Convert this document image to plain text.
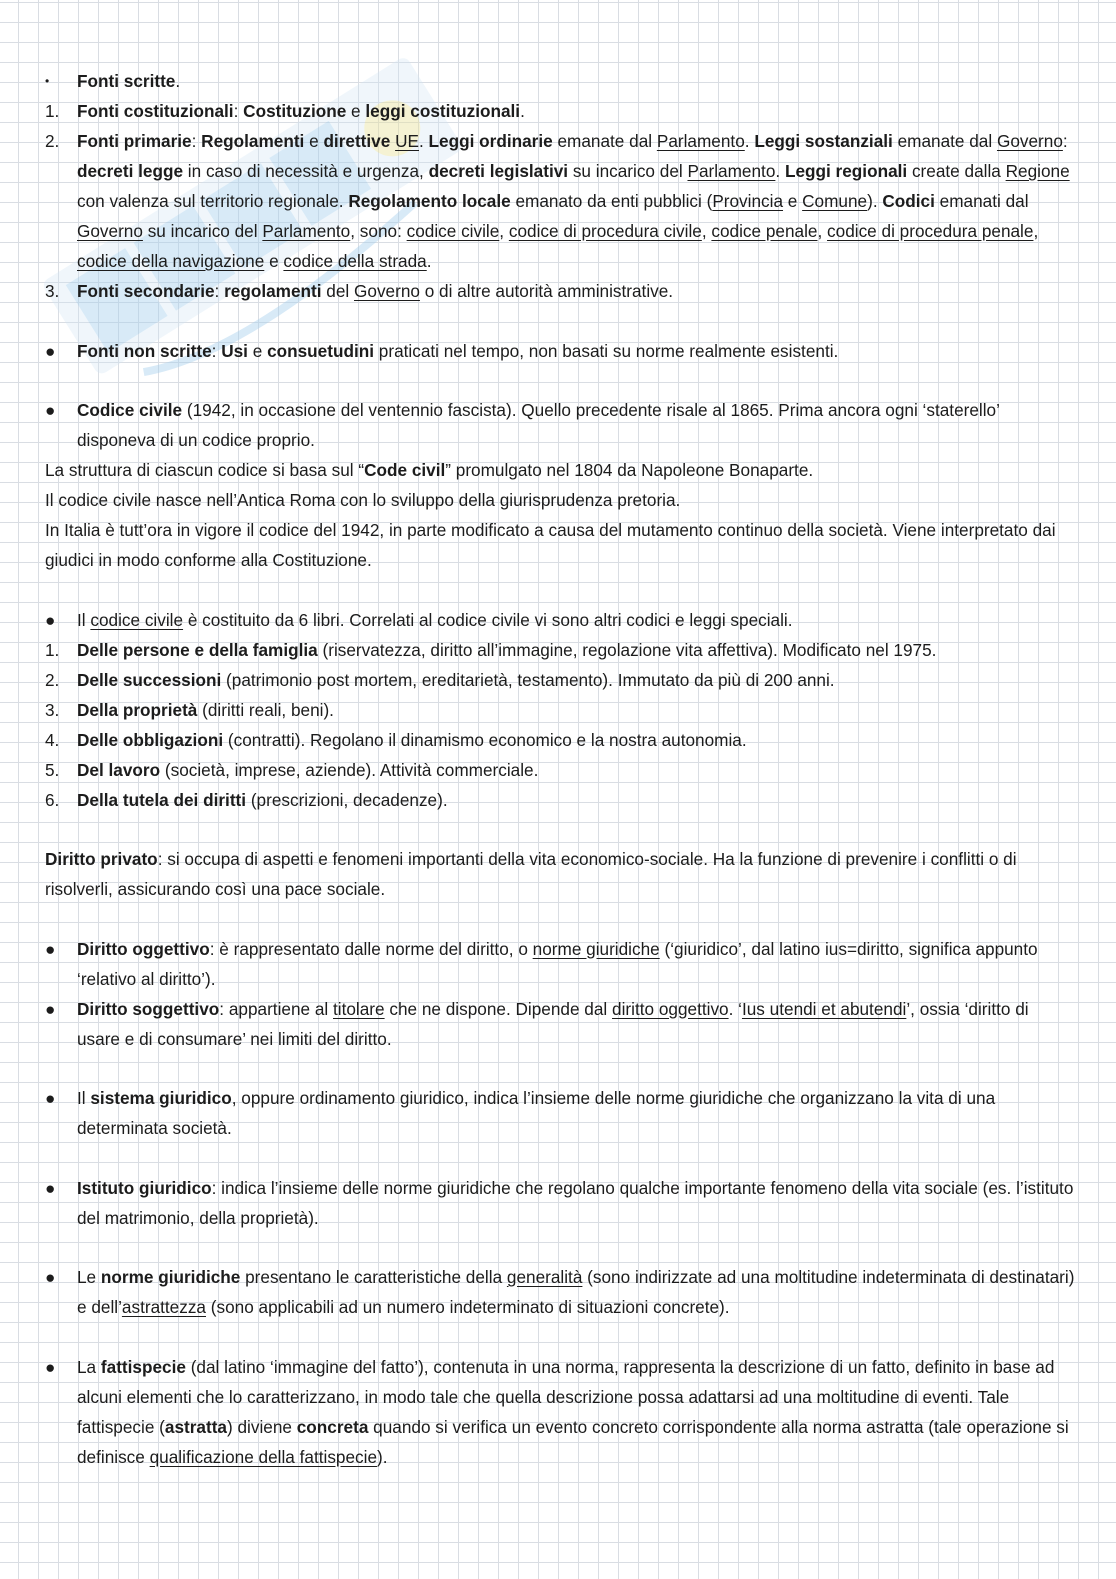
•	Fonti scritte.
1.	Fonti costituzionali: Costituzione e leggi costituzionali.
2.	Fonti primarie: Regolamenti e direttive UE. Leggi ordinarie emanate dal Parlamento. Leggi sostanziali emanate dal Governo: decreti legge in caso di necessità e urgenza, decreti legislativi su incarico del Parlamento. Leggi regionali create dalla Regione con valenza sul territorio regionale. Regolamento locale emanato da enti pubblici (Provincia e Comune). Codici emanati dal Governo su incarico del Parlamento, sono: codice civile, codice di procedura civile, codice penale, codice di procedura penale, codice della navigazione e codice della strada.
3.	Fonti secondarie: regolamenti del Governo o di altre autorità amministrative.
●	Fonti non scritte: Usi e consuetudini praticati nel tempo, non basati su norme realmente esistenti.
●	Codice civile (1942, in occasione del ventennio fascista). Quello precedente risale al 1865. Prima ancora ogni ‘staterello’ disponeva di un codice proprio.
La struttura di ciascun codice si basa sul “Code civil” promulgato nel 1804 da Napoleone Bonaparte.
Il codice civile nasce nell’Antica Roma con lo sviluppo della giurisprudenza pretoria.
In Italia è tutt’ora in vigore il codice del 1942, in parte modificato a causa del mutamento continuo della società. Viene interpretato dai giudici in modo conforme alla Costituzione.
●	Il codice civile è costituito da 6 libri. Correlati al codice civile vi sono altri codici e leggi speciali.
1.	Delle persone e della famiglia (riservatezza, diritto all’immagine, regolazione vita affettiva). Modificato nel 1975.
2.	Delle successioni (patrimonio post mortem, ereditarietà, testamento). Immutato da più di 200 anni.
3.	Della proprietà (diritti reali, beni).
4.	Delle obbligazioni (contratti). Regolano il dinamismo economico e la nostra autonomia.
5.	Del lavoro (società, imprese, aziende). Attività commerciale.
6.	Della tutela dei diritti (prescrizioni, decadenze).
Diritto privato: si occupa di aspetti e fenomeni importanti della vita economico-sociale. Ha la funzione di prevenire i conflitti o di risolverli, assicurando così una pace sociale.
●	Diritto oggettivo: è rappresentato dalle norme del diritto, o norme giuridiche (‘giuridico’, dal latino ius=diritto, significa appunto ‘relativo al diritto’).
●	Diritto soggettivo: appartiene al titolare che ne dispone. Dipende dal diritto oggettivo. ‘Ius utendi et abutendi’, ossia ‘diritto di usare e di consumare’ nei limiti del diritto.
●	Il sistema giuridico, oppure ordinamento giuridico, indica l’insieme delle norme giuridiche che organizzano la vita di una determinata società.
●	Istituto giuridico: indica l’insieme delle norme giuridiche che regolano qualche importante fenomeno della vita sociale (es. l’istituto del matrimonio, della proprietà).
●	Le norme giuridiche presentano le caratteristiche della generalità (sono indirizzate ad una moltitudine indeterminata di destinatari) e dell’astrattezza (sono applicabili ad un numero indeterminato di situazioni concrete).
●	La fattispecie (dal latino ‘immagine del fatto’), contenuta in una norma, rappresenta la descrizione di un fatto, definito in base ad alcuni elementi che lo caratterizzano, in modo tale che quella descrizione possa adattarsi ad una moltitudine di eventi. Tale fattispecie (astratta) diviene concreta quando si verifica un evento concreto corrispondente alla norma astratta (tale operazione si definisce qualificazione della fattispecie).
